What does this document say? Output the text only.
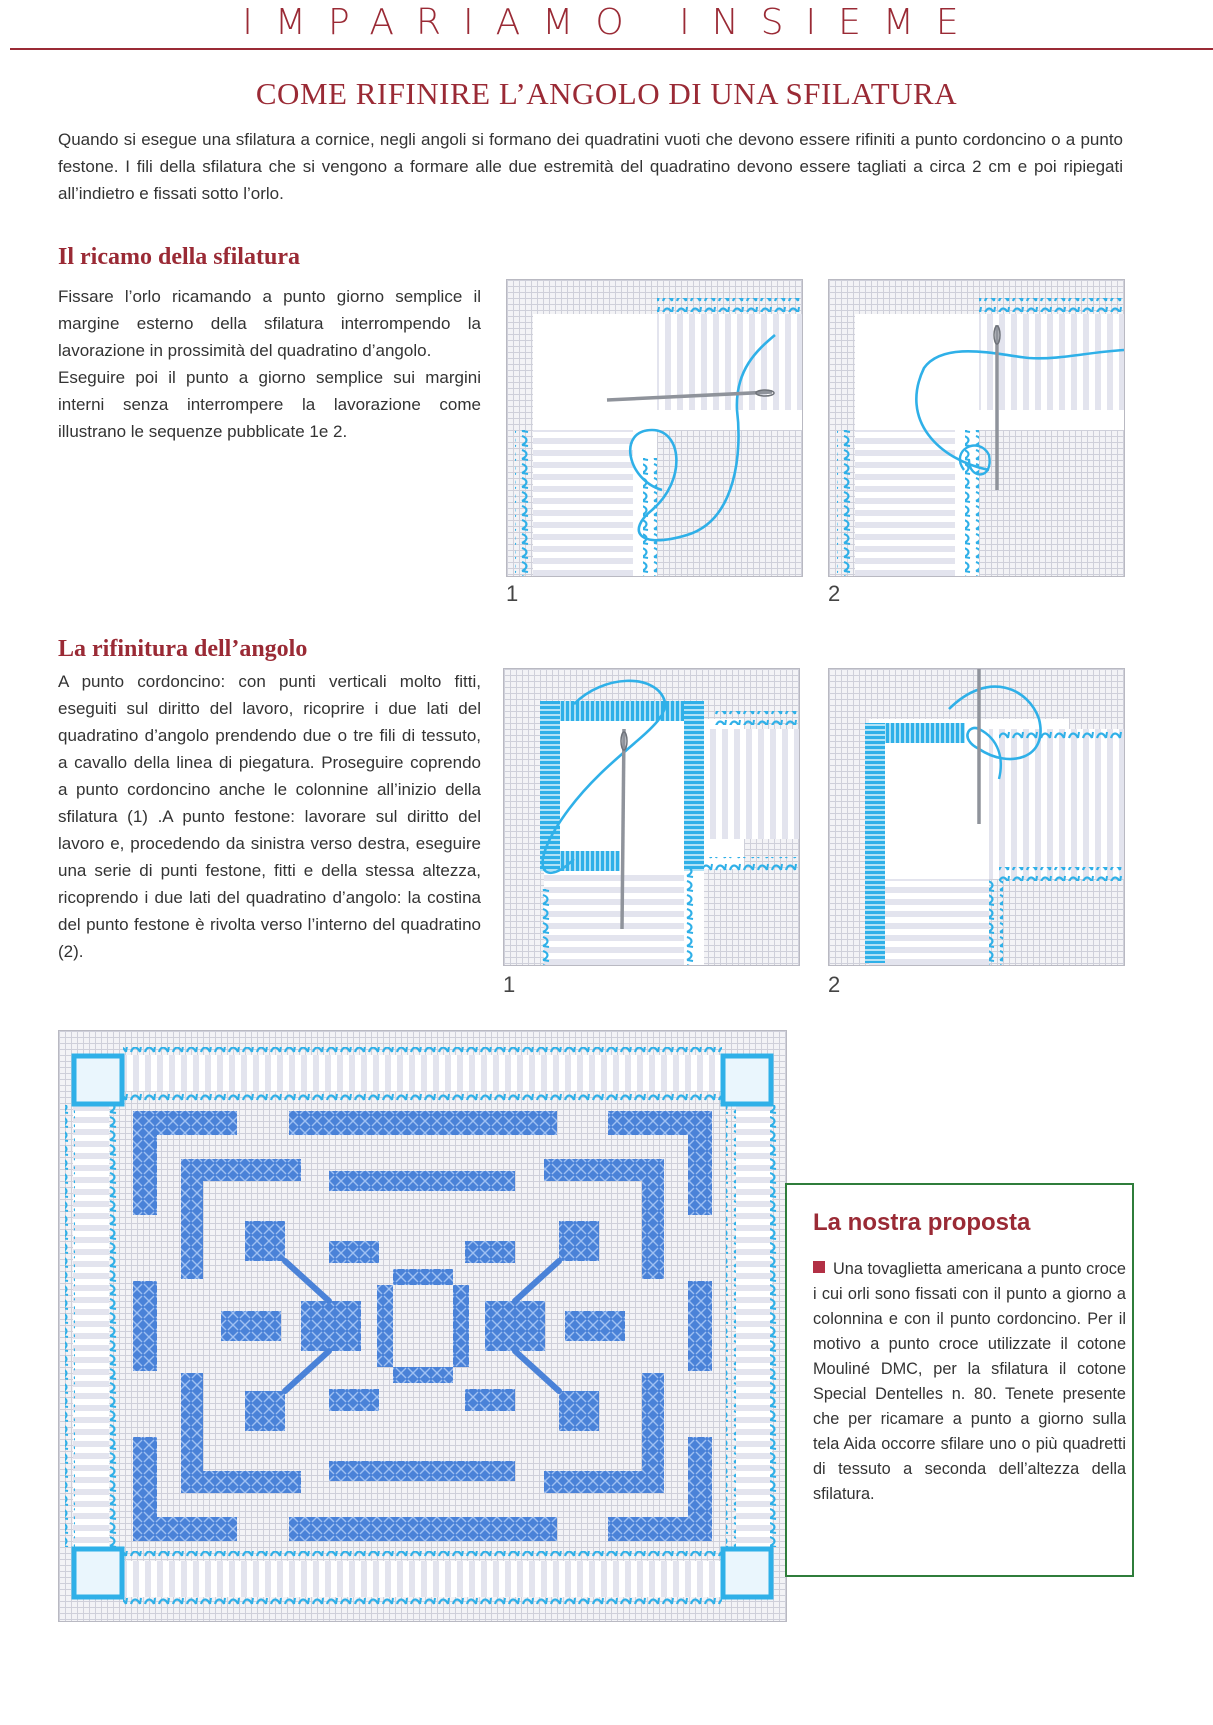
IMPARIAMO INSIEME
COME RIFINIRE L’ANGOLO DI UNA SFILATURA
Quando si esegue una sfilatura a cornice, negli angoli si formano dei quadratini vuoti che devono essere rifiniti a punto cordoncino o a punto festone. I fili della sfilatura che si vengono a formare alle due estremità del quadratino devono essere tagliati a circa 2 cm e poi ripiegati all’indietro e fissati sotto l’orlo.
Il ricamo della sfilatura

Fissare l’orlo ricamando a punto giorno semplice il margine esterno della sfilatura interrompendo la lavorazione in prossimità del quadratino d’angolo.

Eseguire poi il punto a giorno semplice sui margini interni senza interrompere la lavorazione come illustrano le sequenze pubblicate 1e 2.

1	2
La rifinitura dell’angolo
A punto cordoncino: con punti verticali molto fitti, eseguiti sul diritto del lavoro, ricoprire i due lati del quadratino d’angolo prendendo due o tre fili di tessuto, a cavallo della linea di piegatura. Proseguire coprendo a punto cordoncino anche le colonnine all’inizio della sfilatura (1) .A punto festone: lavorare sul diritto del lavoro e, procedendo da sinistra verso destra, eseguire una serie di punti festone, fitti e della stessa altezza, ricoprendo i due lati del quadratino d’angolo: la costina del punto festone è rivolta verso l’interno del quadratino (2).
1	2
La nostra proposta
Una tovaglietta americana a punto croce i cui orli sono fissati con il punto a giorno a colonnina e con il punto cordoncino. Per il motivo a punto croce utilizzate il cotone Mouliné DMC, per la sfilatura il cotone Special Dentelles n. 80. Tenete presente che per ricamare a punto a giorno sulla tela Aida occorre sfilare uno o più quadretti di tessuto a seconda dell’altezza della sfilatura.
